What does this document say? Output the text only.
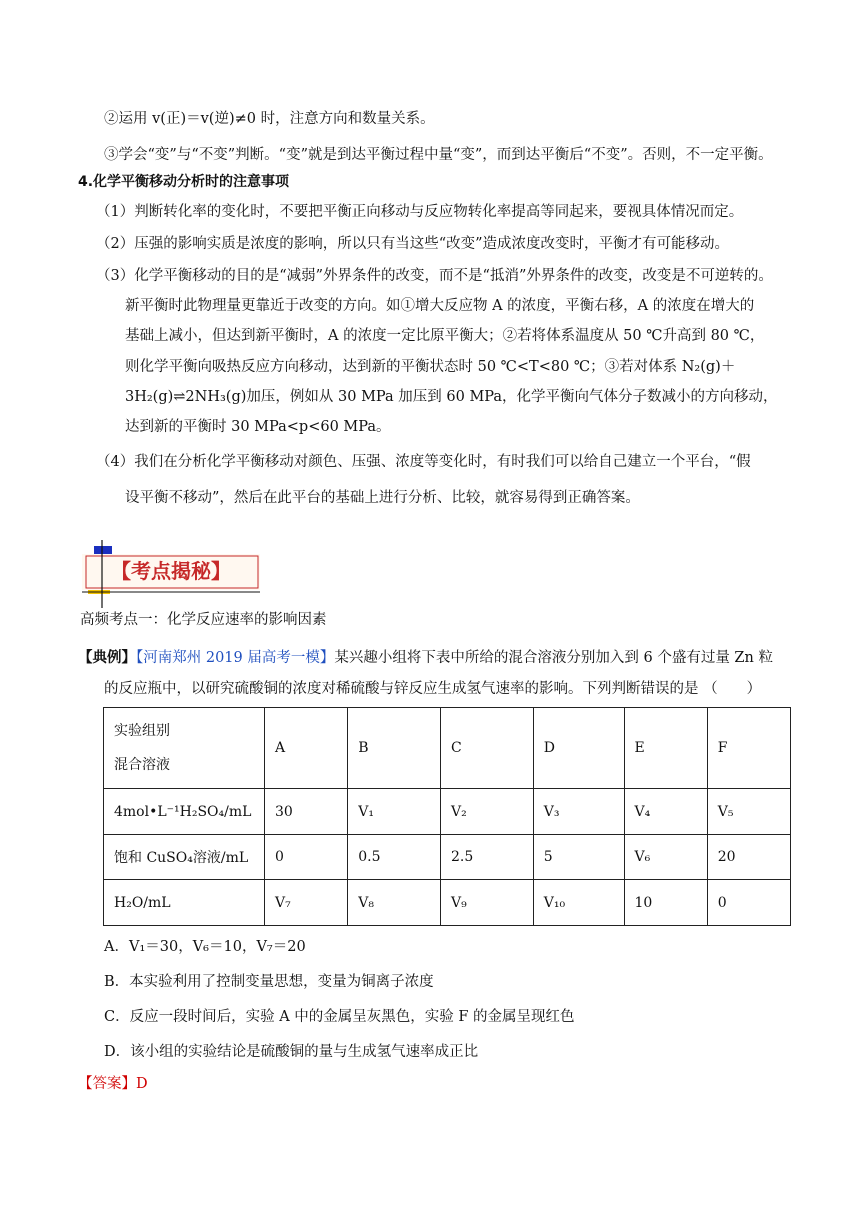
②运用 v(正)＝v(逆)≠0 时，注意方向和数量关系。
③学会“变”与“不变”判断。“变”就是到达平衡过程中量“变”，而到达平衡后“不变”。否则，不一定平衡。
4.化学平衡移动分析时的注意事项
（1）判断转化率的变化时，不要把平衡正向移动与反应物转化率提高等同起来，要视具体情况而定。
（2）压强的影响实质是浓度的影响，所以只有当这些“改变”造成浓度改变时，平衡才有可能移动。
（3）化学平衡移动的目的是“减弱”外界条件的改变，而不是“抵消”外界条件的改变，改变是不可逆转的。
新平衡时此物理量更靠近于改变的方向。如①增大反应物 A 的浓度，平衡右移，A 的浓度在增大的
基础上减小，但达到新平衡时，A 的浓度一定比原平衡大；②若将体系温度从 50 ℃升高到 80 ℃，
则化学平衡向吸热反应方向移动，达到新的平衡状态时 50 ℃<T<80 ℃；③若对体系 N₂(g)＋
3H₂(g)⇌2NH₃(g)加压，例如从 30 MPa 加压到 60 MPa，化学平衡向气体分子数减小的方向移动，
达到新的平衡时 30 MPa<p<60 MPa。
（4）我们在分析化学平衡移动对颜色、压强、浓度等变化时，有时我们可以给自己建立一个平台，“假
设平衡不移动”，然后在此平台的基础上进行分析、比较，就容易得到正确答案。
【考点揭秘】
高频考点一：化学反应速率的影响因素
【典例】【河南郑州 2019 届高考一模】某兴趣小组将下表中所给的混合溶液分别加入到 6 个盛有过量 Zn 粒
的反应瓶中，以研究硫酸铜的浓度对稀硫酸与锌反应生成氢气速率的影响。下列判断错误的是 （　　）
实验组别
混合溶液	A	B	C	D	E	F
4mol•L⁻¹H₂SO₄/mL	30	V₁	V₂	V₃	V₄	V₅
饱和 CuSO₄溶液/mL	0	0.5	2.5	5	V₆	20
H₂O/mL	V₇	V₈	V₉	V₁₀	10	0
A．V₁＝30，V₆＝10，V₇＝20
B．本实验利用了控制变量思想，变量为铜离子浓度
C．反应一段时间后，实验 A 中的金属呈灰黑色，实验 F 的金属呈现红色
D．该小组的实验结论是硫酸铜的量与生成氢气速率成正比
【答案】D
